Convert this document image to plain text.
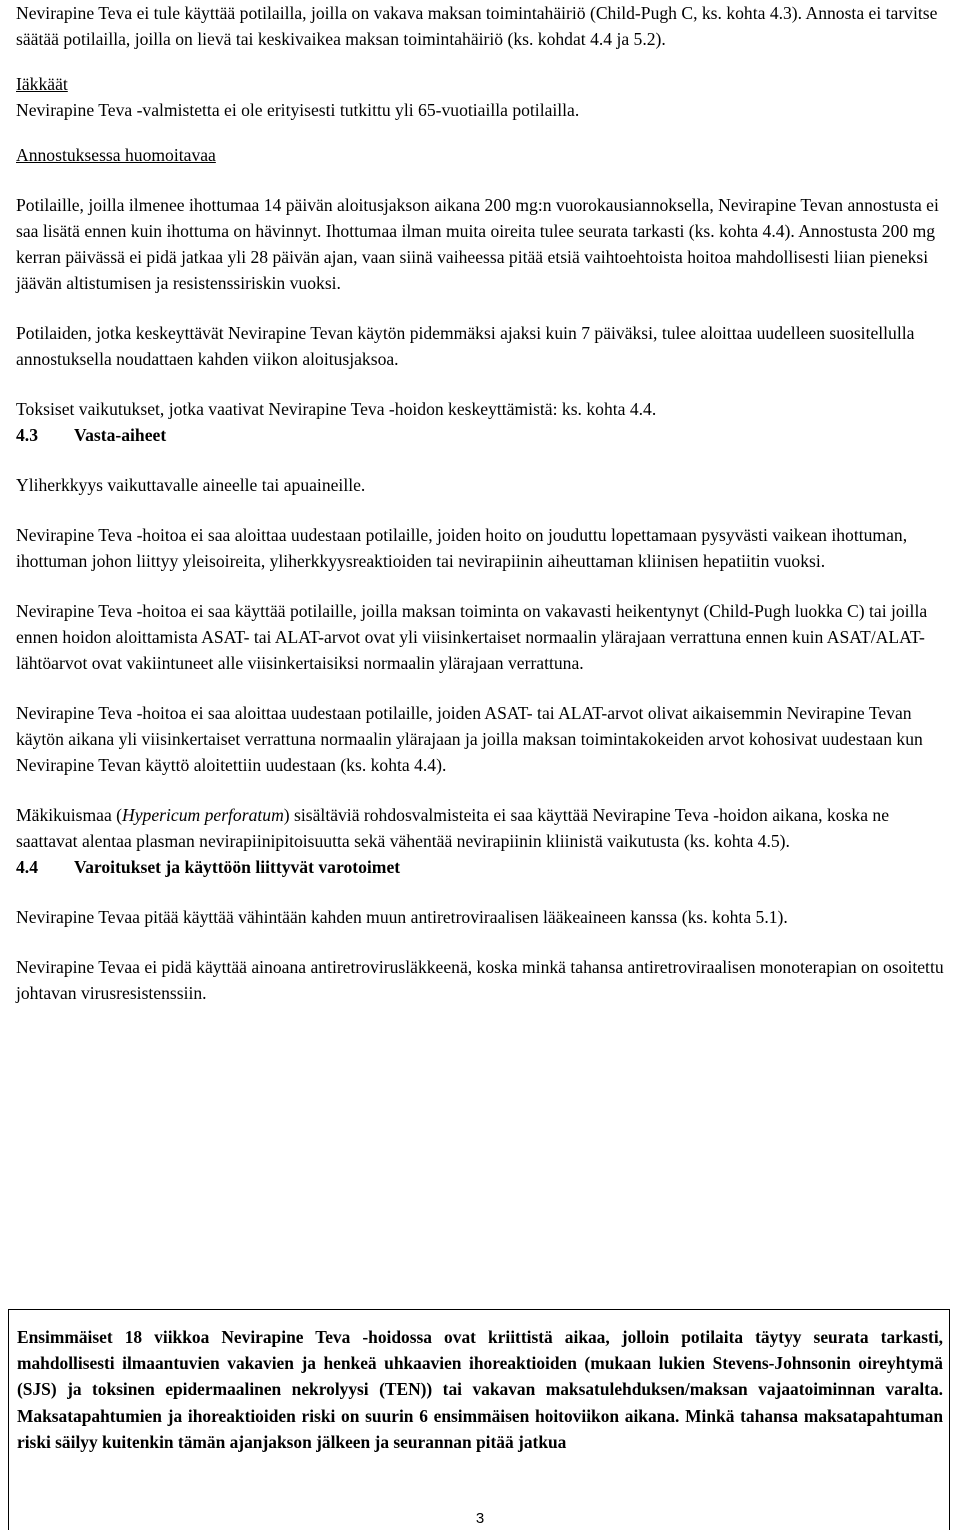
Nevirapine Teva ei tule käyttää potilailla, joilla on vakava maksan toimintahäiriö (Child-Pugh C, ks. kohta 4.3). Annosta ei tarvitse säätää potilailla, joilla on lievä tai keskivaikea maksan toimintahäiriö (ks. kohdat 4.4 ja 5.2).

Iäkkäät

Nevirapine Teva -valmistetta ei ole erityisesti tutkittu yli 65-vuotiailla potilailla.

Annostuksessa huomoitavaa

Potilaille, joilla ilmenee ihottumaa 14 päivän aloitusjakson aikana 200 mg:n vuorokausiannoksella, Nevirapine Tevan annostusta ei saa lisätä ennen kuin ihottuma on hävinnyt. Ihottumaa ilman muita oireita tulee seurata tarkasti (ks. kohta 4.4). Annostusta 200 mg kerran päivässä ei pidä jatkaa yli 28 päivän ajan, vaan siinä vaiheessa pitää etsiä vaihtoehtoista hoitoa mahdollisesti liian pieneksi jäävän altistumisen ja resistenssiriskin vuoksi.

Potilaiden, jotka keskeyttävät Nevirapine Tevan käytön pidemmäksi ajaksi kuin 7 päiväksi, tulee aloittaa uudelleen suositellulla annostuksella noudattaen kahden viikon aloitusjaksoa.

Toksiset vaikutukset, jotka vaativat Nevirapine Teva -hoidon keskeyttämistä: ks. kohta 4.4.

4.3 Vasta-aiheet

Yliherkkyys vaikuttavalle aineelle tai apuaineille.

Nevirapine Teva -hoitoa ei saa aloittaa uudestaan potilaille, joiden hoito on jouduttu lopettamaan pysyvästi vaikean ihottuman, ihottuman johon liittyy yleisoireita, yliherkkyysreaktioiden tai nevirapiinin aiheuttaman kliinisen hepatiitin vuoksi.

Nevirapine Teva -hoitoa ei saa käyttää potilaille, joilla maksan toiminta on vakavasti heikentynyt (Child-Pugh luokka C) tai joilla ennen hoidon aloittamista ASAT- tai ALAT-arvot ovat yli viisinkertaiset normaalin ylärajaan verrattuna ennen kuin ASAT/ALAT-lähtöarvot ovat vakiintuneet alle viisinkertaisiksi normaalin ylärajaan verrattuna.

Nevirapine Teva -hoitoa ei saa aloittaa uudestaan potilaille, joiden ASAT- tai ALAT-arvot olivat aikaisemmin Nevirapine Tevan käytön aikana yli viisinkertaiset verrattuna normaalin ylärajaan ja joilla maksan toimintakokeiden arvot kohosivat uudestaan kun Nevirapine Tevan käyttö aloitettiin uudestaan (ks. kohta 4.4).

Mäkikuismaa (Hypericum perforatum) sisältäviä rohdosvalmisteita ei saa käyttää Nevirapine Teva -hoidon aikana, koska ne saattavat alentaa plasman nevirapiinipitoisuutta sekä vähentää nevirapiinin kliinistä vaikutusta (ks. kohta 4.5).

4.4 Varoitukset ja käyttöön liittyvät varotoimet

Nevirapine Tevaa pitää käyttää vähintään kahden muun antiretroviraalisen lääkeaineen kanssa (ks. kohta 5.1).

Nevirapine Tevaa ei pidä käyttää ainoana antiretrovirusläkkeenä, koska minkä tahansa antiretroviraalisen monoterapian on osoitettu johtavan virusresistenssiin.

Ensimmäiset 18 viikkoa Nevirapine Teva -hoidossa ovat kriittistä aikaa, jolloin potilaita täytyy seurata tarkasti, mahdollisesti ilmaantuvien vakavien ja henkeä uhkaavien ihoreaktioiden (mukaan lukien Stevens-Johnsonin oireyhtymä (SJS) ja toksinen epidermaalinen nekrolyysi (TEN)) tai vakavan maksatulehduksen/maksan vajaatoiminnan varalta. Maksatapahtumien ja ihoreaktioiden riski on suurin 6 ensimmäisen hoitoviikon aikana. Minkä tahansa maksatapahtuman riski säilyy kuitenkin tämän ajanjakson jälkeen ja seurannan pitää jatkua

3
